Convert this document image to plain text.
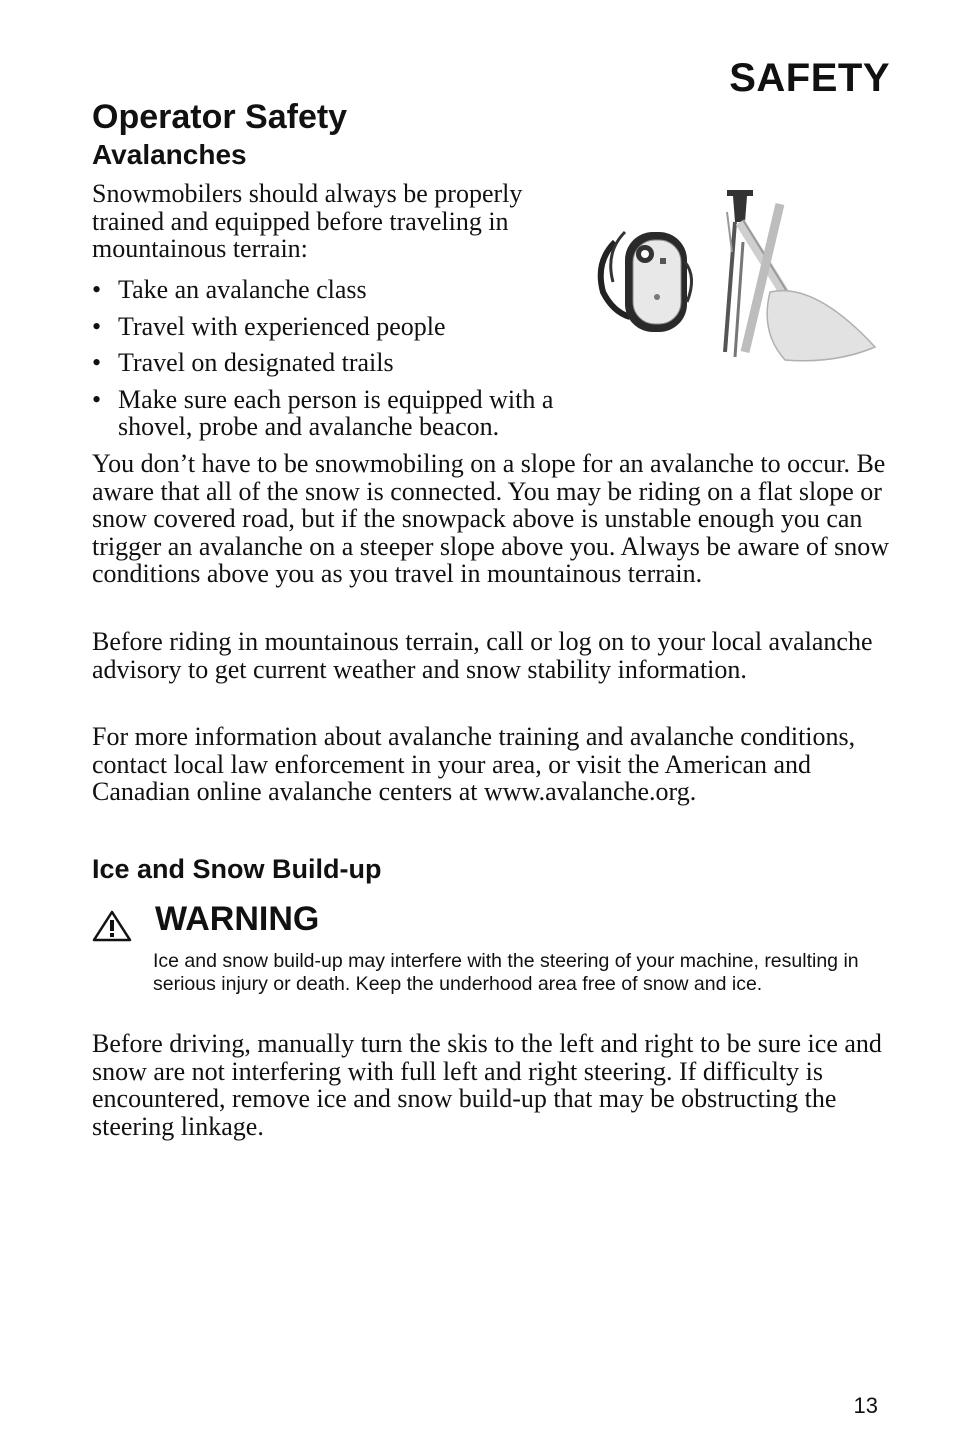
SAFETY
Operator Safety
Avalanches
Snowmobilers should always be properly trained and equipped before traveling in mountainous terrain:
• Take an avalanche class
• Travel with experienced people
• Travel on designated trails
• Make sure each person is equipped with a shovel, probe and avalanche beacon.
You don’t have to be snowmobiling on a slope for an avalanche to occur. Be aware that all of the snow is connected. You may be riding on a flat slope or snow covered road, but if the snowpack above is unstable enough you can trigger an avalanche on a steeper slope above you. Always be aware of snow conditions above you as you travel in mountainous terrain.
Before riding in mountainous terrain, call or log on to your local avalanche advisory to get current weather and snow stability information.
For more information about avalanche training and avalanche conditions, contact local law enforcement in your area, or visit the American and Canadian online avalanche centers at www.avalanche.org.
Ice and Snow Build-up
WARNING
Ice and snow build-up may interfere with the steering of your machine, resulting in serious injury or death. Keep the underhood area free of snow and ice.
Before driving, manually turn the skis to the left and right to be sure ice and snow are not interfering with full left and right steering. If difficulty is encountered, remove ice and snow build-up that may be obstructing the steering linkage.
13
